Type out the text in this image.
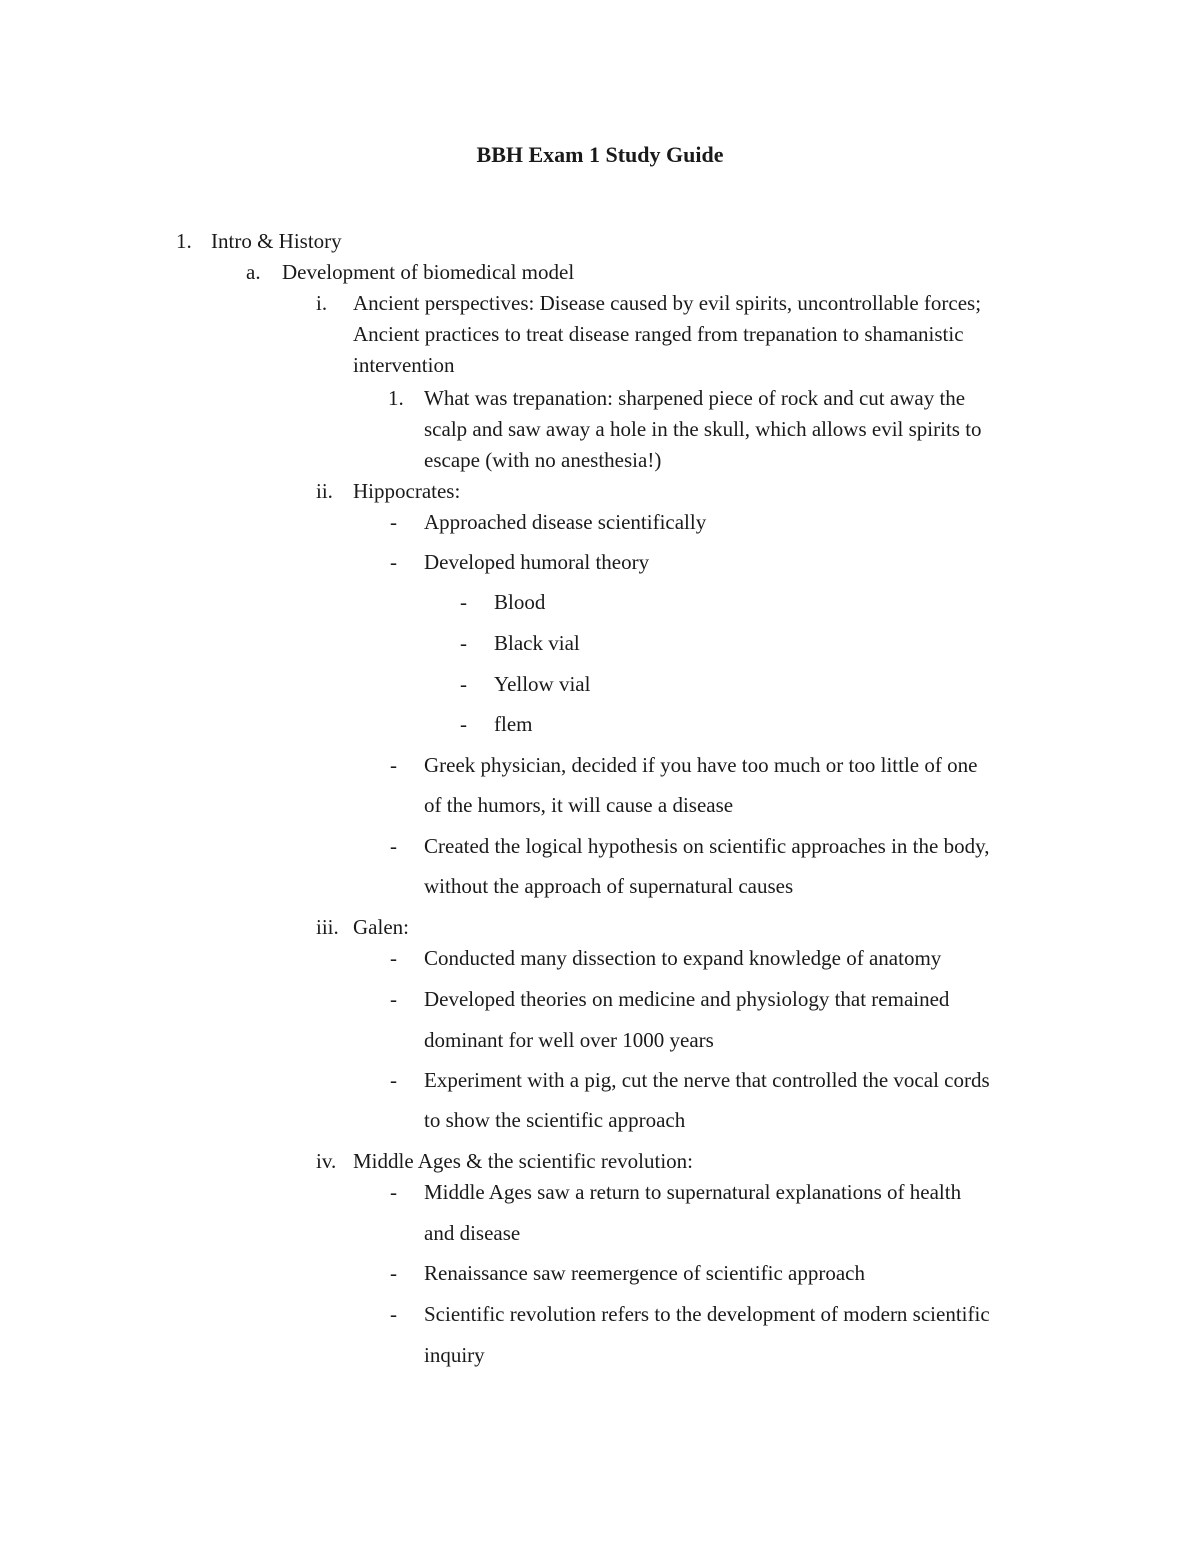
BBH Exam 1 Study Guide
1. Intro & History
a. Development of biomedical model
i. Ancient perspectives: Disease caused by evil spirits, uncontrollable forces;
Ancient practices to treat disease ranged from trepanation to shamanistic
intervention
1. What was trepanation: sharpened piece of rock and cut away the
scalp and saw away a hole in the skull, which allows evil spirits to
escape (with no anesthesia!)
ii. Hippocrates:
- Approached disease scientifically
- Developed humoral theory
- Blood
- Black vial
- Yellow vial
- flem
- Greek physician, decided if you have too much or too little of one
of the humors, it will cause a disease
- Created the logical hypothesis on scientific approaches in the body,
without the approach of supernatural causes
iii. Galen:
- Conducted many dissection to expand knowledge of anatomy
- Developed theories on medicine and physiology that remained
dominant for well over 1000 years
- Experiment with a pig, cut the nerve that controlled the vocal cords
to show the scientific approach
iv. Middle Ages & the scientific revolution:
- Middle Ages saw a return to supernatural explanations of health
and disease
- Renaissance saw reemergence of scientific approach
- Scientific revolution refers to the development of modern scientific
inquiry
